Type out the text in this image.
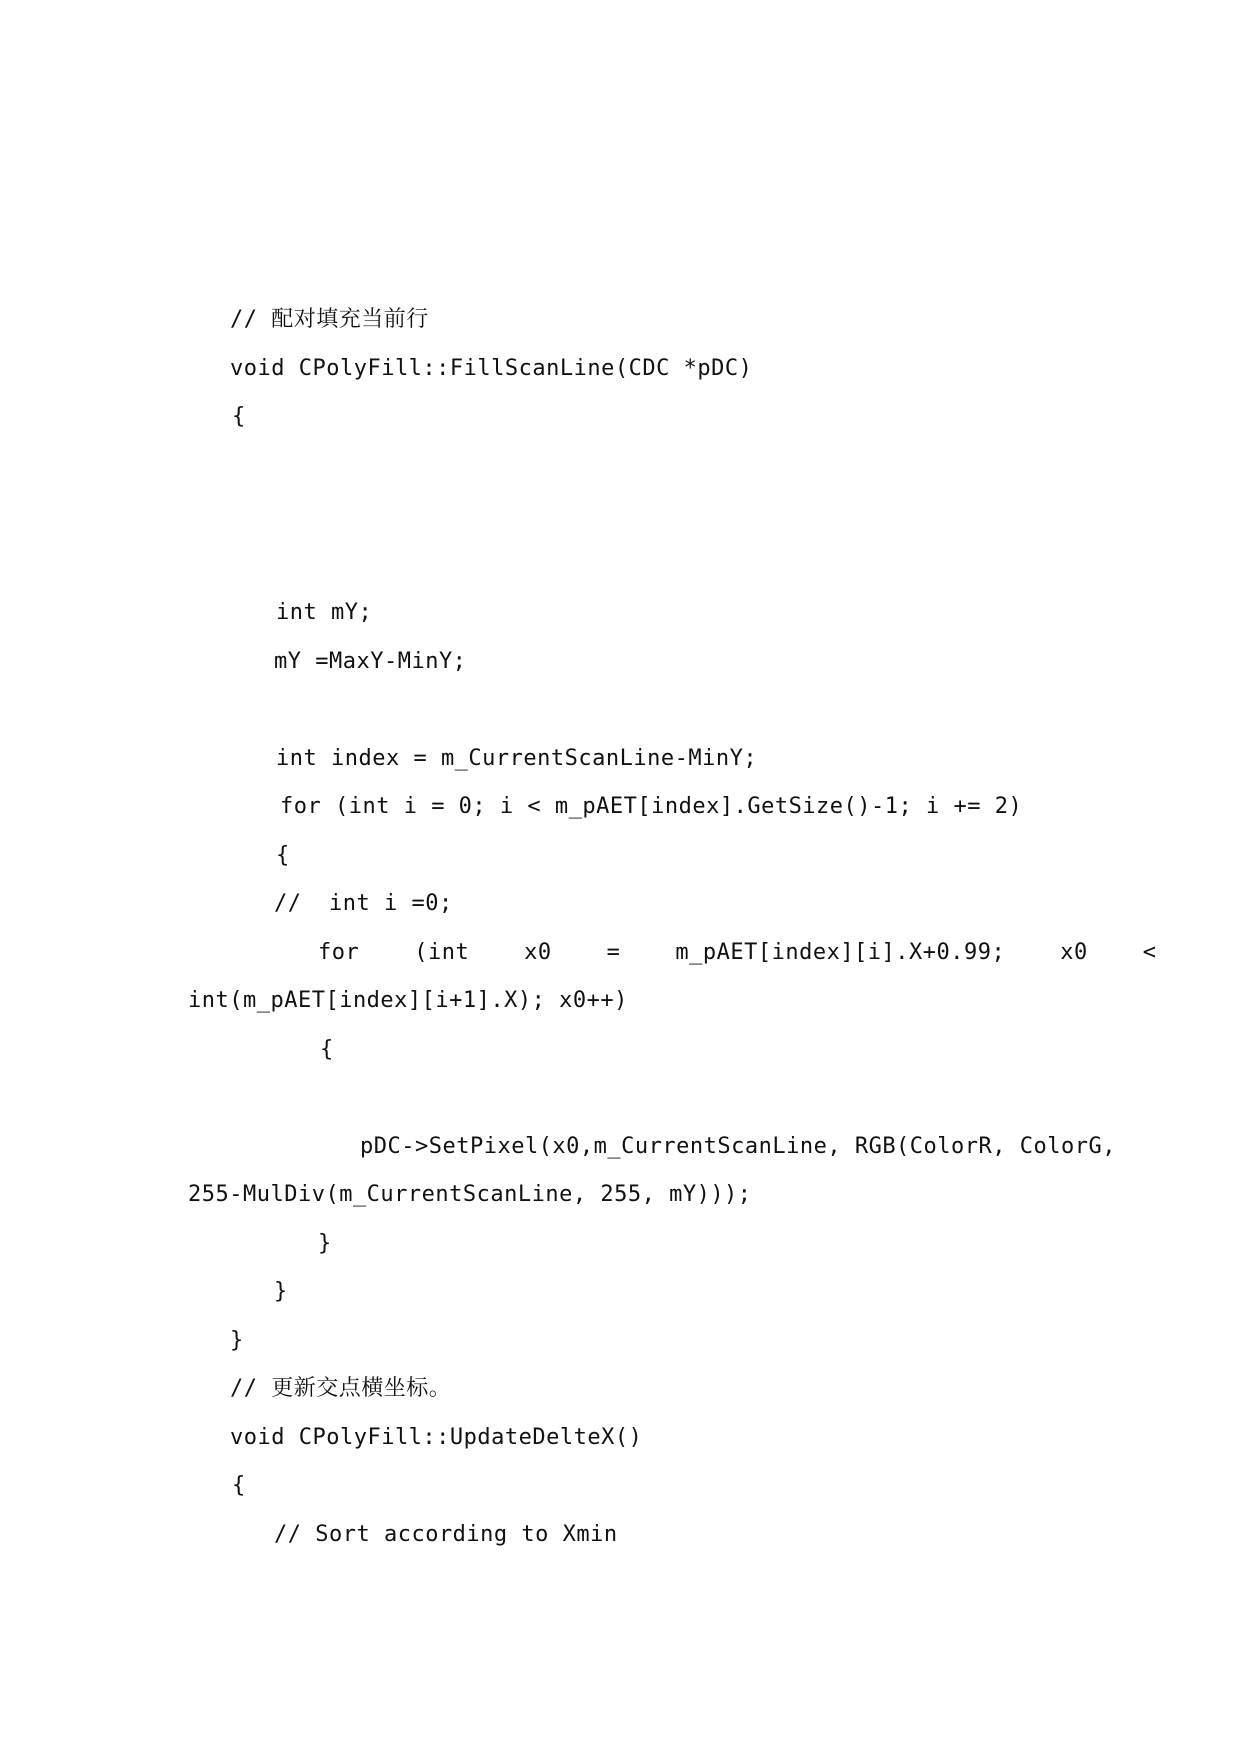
// 配对填充当前行
void CPolyFill::FillScanLine(CDC *pDC)
{
int mY;
mY =MaxY-MinY;
int index = m_CurrentScanLine-MinY;
for (int i = 0; i < m_pAET[index].GetSize()-1; i += 2)
{
//  int i =0;
for    (int    x0    =    m_pAET[index][i].X+0.99;    x0    <
int(m_pAET[index][i+1].X); x0++)
{
pDC->SetPixel(x0,m_CurrentScanLine, RGB(ColorR, ColorG,
255-MulDiv(m_CurrentScanLine, 255, mY)));
}
}
}
// 更新交点横坐标。
void CPolyFill::UpdateDelteX()
{
// Sort according to Xmin
